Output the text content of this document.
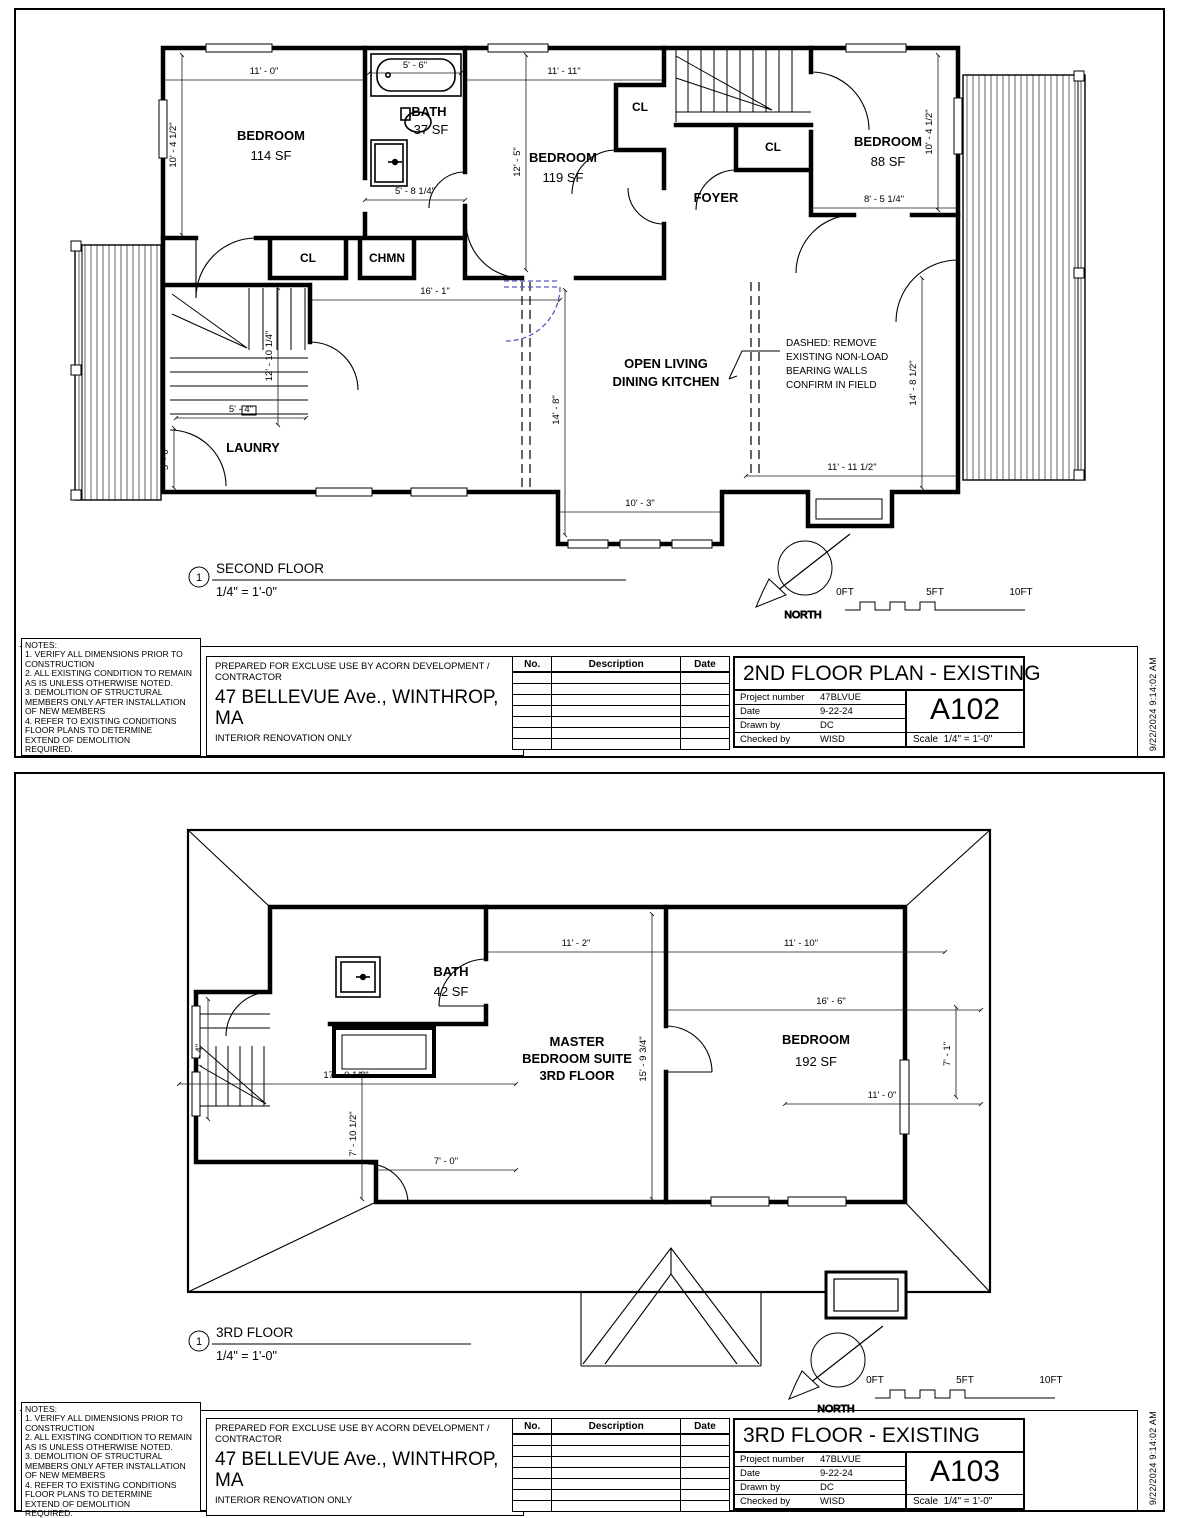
11' - 0"
5' - 6"
11' - 11"
10' - 4 1/2"	12' - 5"
10' - 4 1/2"
8' - 5 1/4"
5' - 8 1/4"
16' - 1"
12' - 10 1/4"
14' - 8"
14' - 8 1/2"
5' - 4"
5' - 0"	11' - 11 1/2"
10' - 3"
BEDROOM
114 SF
BATH
37 SF
BEDROOM
119 SF
BEDROOM
88 SF
FOYER
CL
CL
CL	CHMN
LAUNRY
OPEN LIVING
DINING KITCHEN
DASHED: REMOVE
EXISTING NON-LOAD
BEARING WALLS
CONFIRM IN FIELD
1
SECOND FLOOR
1/4" = 1'-0"
NORTH
0FT	5FT	10FT
NOTES:
1. VERIFY ALL DIMENSIONS PRIOR TO
CONSTRUCTION
2. ALL EXISTING CONDITION TO REMAIN
AS IS UNLESS OTHERWISE NOTED.
3. DEMOLITION OF STRUCTURAL
MEMBERS ONLY AFTER INSTALLATION
OF NEW MEMBERS
4. REFER TO EXISTING CONDITIONS
FLOOR PLANS TO DETERMINE
EXTEND OF DEMOLITION
REQUIRED.
PREPARED FOR EXCLUSE USE BY ACORN DEVELOPMENT / CONTRACTOR
47 BELLEVUE Ave., WINTHROP, MA
INTERIOR RENOVATION ONLY
No.	Description	Date

			2ND FLOOR PLAN - EXISTING
Project number	47BLVUE
Date	9-22-24
Drawn by	DC
Checked by	WISD
A102
Scale 1/4" = 1'-0"	9/22/2024 9:14:02 AM
11' - 2"	11' - 10"
16' - 6"
15' - 9 3/4"
17' - 0 1/2"
7' - 4"
7' - 10 1/2"
7' - 0"
11' - 0"
7' - 1"
BATH
42 SF
MASTER
BEDROOM SUITE
3RD FLOOR
BEDROOM
192 SF
1
3RD FLOOR
1/4" = 1'-0"
NORTH
0FT	5FT	10FT
NOTES:
1. VERIFY ALL DIMENSIONS PRIOR TO
CONSTRUCTION
2. ALL EXISTING CONDITION TO REMAIN
AS IS UNLESS OTHERWISE NOTED.
3. DEMOLITION OF STRUCTURAL
MEMBERS ONLY AFTER INSTALLATION
OF NEW MEMBERS
4. REFER TO EXISTING CONDITIONS
FLOOR PLANS TO DETERMINE
EXTEND OF DEMOLITION
REQUIRED.
PREPARED FOR EXCLUSE USE BY ACORN DEVELOPMENT / CONTRACTOR
47 BELLEVUE Ave., WINTHROP, MA
INTERIOR RENOVATION ONLY
No.	Description	Date

			3RD FLOOR - EXISTING
Project number	47BLVUE
Date	9-22-24
Drawn by	DC
Checked by	WISD
A103
Scale 1/4" = 1'-0"	9/22/2024 9:14:02 AM
